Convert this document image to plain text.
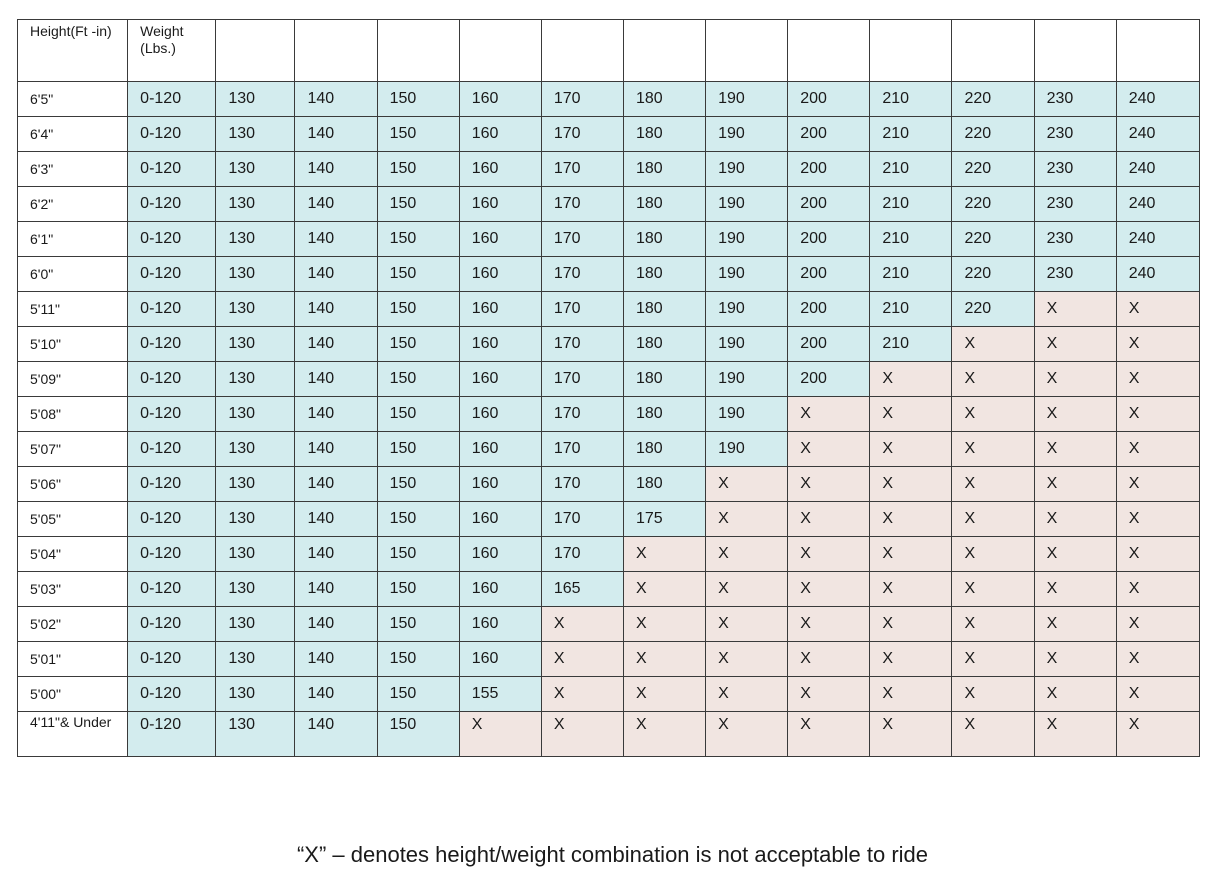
Height(Ft -in)	Weight (Lbs.)												
6'5"	0-120	130	140	150	160	170	180	190	200	210	220	230	240
6'4"	0-120	130	140	150	160	170	180	190	200	210	220	230	240
6'3"	0-120	130	140	150	160	170	180	190	200	210	220	230	240
6'2"	0-120	130	140	150	160	170	180	190	200	210	220	230	240
6'1"	0-120	130	140	150	160	170	180	190	200	210	220	230	240
6'0"	0-120	130	140	150	160	170	180	190	200	210	220	230	240
5'11"	0-120	130	140	150	160	170	180	190	200	210	220	X	X
5'10"	0-120	130	140	150	160	170	180	190	200	210	X	X	X
5'09"	0-120	130	140	150	160	170	180	190	200	X	X	X	X
5'08"	0-120	130	140	150	160	170	180	190	X	X	X	X	X
5'07"	0-120	130	140	150	160	170	180	190	X	X	X	X	X
5'06"	0-120	130	140	150	160	170	180	X	X	X	X	X	X
5'05"	0-120	130	140	150	160	170	175	X	X	X	X	X	X
5'04"	0-120	130	140	150	160	170	X	X	X	X	X	X	X
5'03"	0-120	130	140	150	160	165	X	X	X	X	X	X	X
5'02"	0-120	130	140	150	160	X	X	X	X	X	X	X	X
5'01"	0-120	130	140	150	160	X	X	X	X	X	X	X	X
5'00"	0-120	130	140	150	155	X	X	X	X	X	X	X	X
4'11"& Under	0-120	130	140	150	X	X	X	X	X	X	X	X	X
“X” – denotes height/weight combination is not acceptable to ride
